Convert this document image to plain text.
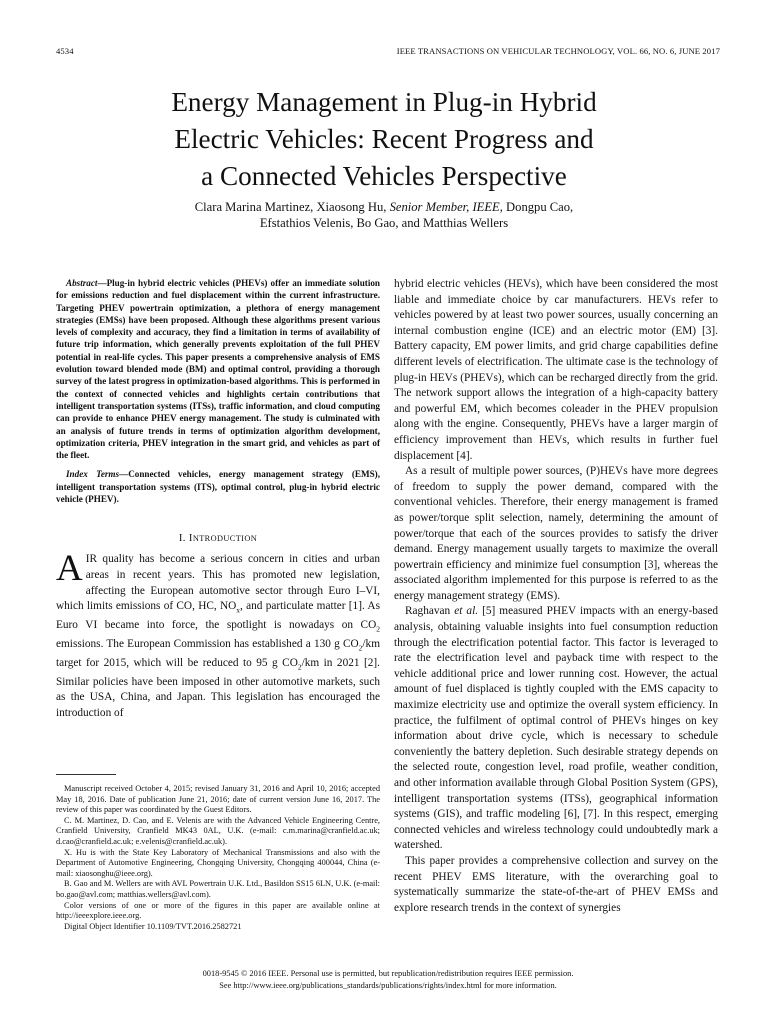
4534	IEEE TRANSACTIONS ON VEHICULAR TECHNOLOGY, VOL. 66, NO. 6, JUNE 2017
Energy Management in Plug-in Hybrid
Electric Vehicles: Recent Progress and
a Connected Vehicles Perspective
Clara Marina Martinez, Xiaosong Hu, Senior Member, IEEE, Dongpu Cao,
Efstathios Velenis, Bo Gao, and Matthias Wellers

Abstract—Plug-in hybrid electric vehicles (PHEVs) offer an immediate solution for emissions reduction and fuel displacement within the current infrastructure. Targeting PHEV powertrain optimization, a plethora of energy management strategies (EMSs) have been proposed. Although these algorithms present various levels of complexity and accuracy, they find a limitation in terms of availability of future trip information, which generally prevents exploitation of the full PHEV potential in real-life cycles. This paper presents a comprehensive analysis of EMS evolution toward blended mode (BM) and optimal control, providing a thorough survey of the latest progress in optimization-based algorithms. This is performed in the context of connected vehicles and highlights certain contributions that intelligent transportation systems (ITSs), traffic information, and cloud computing can provide to enhance PHEV energy management. The study is culminated with an analysis of future trends in terms of optimization algorithm development, optimization criteria, PHEV integration in the smart grid, and vehicles as part of the fleet.

Index Terms—Connected vehicles, energy management strategy (EMS), intelligent transportation systems (ITS), optimal control, plug-in hybrid electric vehicle (PHEV).

I. INTRODUCTION

AIR quality has become a serious concern in cities and urban areas in recent years. This has promoted new legislation, affecting the European automotive sector through Euro I–VI, which limits emissions of CO, HC, $NO_x$, and particulate matter [1]. As Euro VI became into force, the spotlight is nowadays on $CO_2$ emissions. The European Commission has established a 130 g $CO_2/km$ target for 2015, which will be reduced to 95 g $CO_2/km$ in 2021 [2]. Similar policies have been imposed in other automotive markets, such as the USA, China, and Japan. This legislation has encouraged the introduction of

Manuscript received October 4, 2015; revised January 31, 2016 and April 10, 2016; accepted May 18, 2016. Date of publication June 21, 2016; date of current version June 16, 2017. The review of this paper was coordinated by the Guest Editors.

C. M. Martinez, D. Cao, and E. Velenis are with the Advanced Vehicle Engineering Centre, Cranfield University, Cranfield MK43 0AL, U.K. (e-mail: c.m.marina@cranfield.ac.uk; d.cao@cranfield.ac.uk; e.velenis@cranfield.ac.uk).

X. Hu is with the State Key Laboratory of Mechanical Transmissions and also with the Department of Automotive Engineering, Chongqing University, Chongqing 400044, China (e-mail: xiaosonghu@ieee.org).

B. Gao and M. Wellers are with AVL Powertrain U.K. Ltd., Basildon SS15 6LN, U.K. (e-mail: bo.gao@avl.com; matthias.wellers@avl.com).

Color versions of one or more of the figures in this paper are available online at http://ieeexplore.ieee.org.

Digital Object Identifier 10.1109/TVT.2016.2582721

hybrid electric vehicles (HEVs), which have been considered the most liable and immediate choice by car manufacturers. HEVs refer to vehicles powered by at least two power sources, usually concerning an internal combustion engine (ICE) and an electric motor (EM) [3]. Battery capacity, EM power limits, and grid charge capabilities define different levels of electrification. The ultimate case is the technology of plug-in HEVs (PHEVs), which can be recharged directly from the grid. The network support allows the integration of a high-capacity battery and powerful EM, which becomes coleader in the PHEV propulsion along with the engine. Consequently, PHEVs have a larger margin of efficiency improvement than HEVs, which results in further fuel displacement [4].

As a result of multiple power sources, (P)HEVs have more degrees of freedom to supply the power demand, compared with the conventional vehicles. Therefore, their energy management is framed as power/torque split selection, namely, determining the amount of power/torque that each of the sources provides to satisfy the driver demand. Energy management usually targets to maximize the overall powertrain efficiency and minimize fuel consumption [3], whereas the associated algorithm implemented for this purpose is referred to as the energy management strategy (EMS).

Raghavan et al. [5] measured PHEV impacts with an energy-based analysis, obtaining valuable insights into fuel consumption reduction through the electrification potential factor. This factor is leveraged to rate the electrification level and payback time with respect to the vehicle additional price and lower running cost. However, the actual amount of fuel displaced is tightly coupled with the EMS capacity to maximize electricity use and optimize the overall system efficiency. In practice, the fulfilment of optimal control of PHEVs hinges on key information about drive cycle, which is necessary to schedule conveniently the battery depletion. Such desirable strategy depends on the selected route, congestion level, road profile, weather condition, and other information available through Global Position System (GPS), intelligent transportation systems (ITSs), geographical information systems (GIS), and traffic modeling [6], [7]. In this respect, emerging connected vehicles and wireless technology could undoubtedly mark a watershed.

This paper provides a comprehensive collection and survey on the recent PHEV EMS literature, with the overarching goal to systematically summarize the state-of-the-art of PHEV EMSs and explore research trends in the context of synergies

0018-9545 © 2016 IEEE. Personal use is permitted, but republication/redistribution requires IEEE permission.
See http://www.ieee.org/publications_standards/publications/rights/index.html for more information.
